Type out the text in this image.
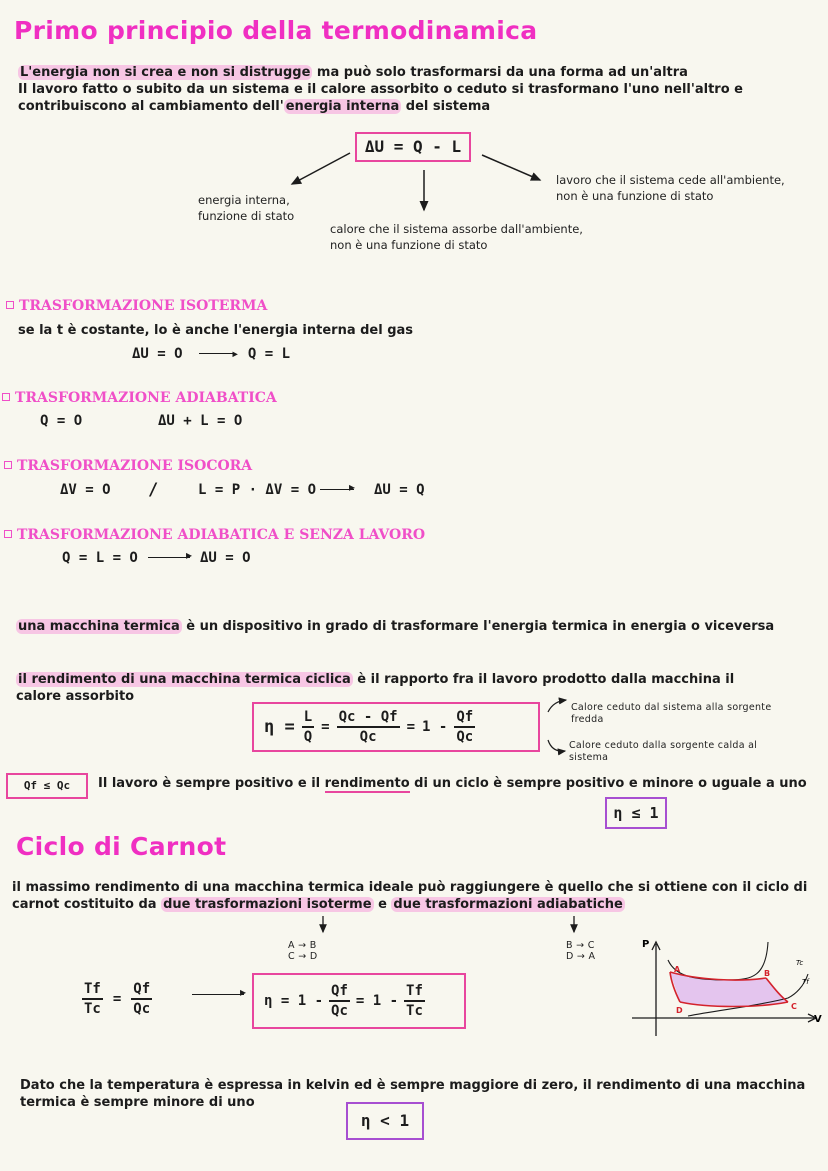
Primo principio della termodinamica
L'energia non si crea e non si distrugge ma può solo trasformarsi da una forma ad un'altra
Il lavoro fatto o subito da un sistema e il calore assorbito o ceduto si trasformano l'uno nell'altro e
contribuiscono al cambiamento dell' energia interna del sistema
ΔU = Q - L
energia interna,
funzione di stato
calore che il sistema assorbe dall'ambiente,
non è una funzione di stato
lavoro che il sistema cede all'ambiente,
non è una funzione di stato
TRASFORMAZIONE ISOTERMA
se la t è costante, lo è anche l'energia interna del gas
ΔU = O	▸ Q = L
TRASFORMAZIONE ADIABATICA
Q = O	ΔU + L = O
TRASFORMAZIONE ISOCORA
ΔV = O /	L = P · ΔV = O	▸ ΔU = Q
TRASFORMAZIONE ADIABATICA E SENZA LAVORO
Q = L = O	▸ ΔU = O
una macchina termica è un dispositivo in grado di trasformare l'energia termica in energia o viceversa
il rendimento di una macchina termica ciclica è il rapporto fra il lavoro prodotto dalla macchina il
calore assorbito
$\eta = \frac{L}{Q} = \frac{Qc - Qf}{Qc} = 1 - \frac{Qf}{Qc}$
Calore ceduto dal sistema alla sorgente
fredda
Calore ceduto dalla sorgente calda al
sistema
Qf ≤ Qc	Il lavoro è sempre positivo e il rendimento di un ciclo è sempre positivo e minore o uguale a uno
η ≤ 1
Ciclo di Carnot
il massimo rendimento di una macchina termica ideale può raggiungere è quello che si ottiene con il ciclo di
carnot costituito da due trasformazioni isoterme e due trasformazioni adiabatiche
A → B
C → D
B → C
D → A
$\frac{Tf}{Tc} = \frac{Qf}{Qc}$	▸
$\eta = 1 - \frac{Qf}{Qc} = 1 - \frac{Tf}{Tc}$
P
V
A	B
C
D
Tc
Tf
Dato che la temperatura è espressa in kelvin ed è sempre maggiore di zero, il rendimento di una macchina
termica è sempre minore di uno
η < 1
